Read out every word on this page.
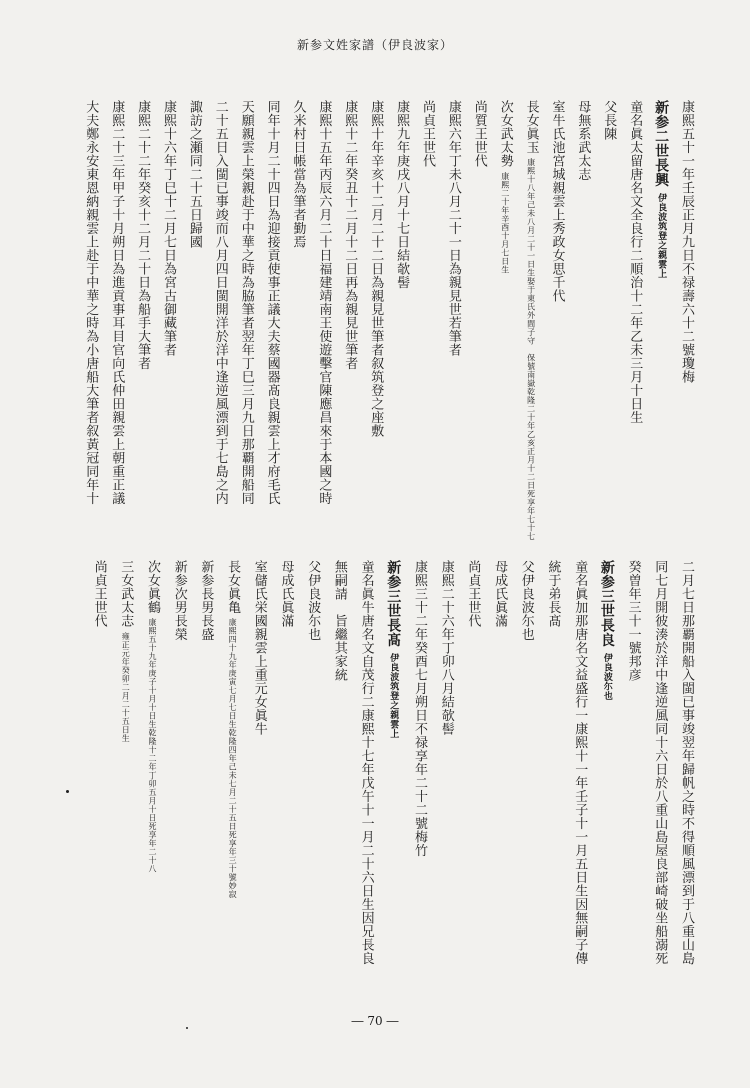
新参文姓家譜（伊良波家）
康熙五十一年壬辰正月九日不禄壽六十二號瓊梅
新参二世長興伊良波筑登之親雲上
童名眞太留唐名文全良行二順治十二年乙未三月十日生
父長陳
母無系武太志
室牛氏池宮城親雲上秀政女思千代
長女眞玉康熙十八年己未八月二十一日生娶于東氏外間子守　保號南嶽乾隆二十年乙亥正月十二日死享年七十七
次女武太勢康熙二十年辛酉十月七日生
尚質王世代
康熙六年丁未八月二十一日為親見世若筆者
尚貞王世代
康熙九年庚戌八月十七日結欹髻
康熙十年辛亥十二月二十二日為親見世筆者叙筑登之座敷
康熙十二年癸丑十二月十二日再為親見世筆者
康熙十五年丙辰六月二十日福建靖南王使遊擊官陳應昌來于本國之時
久米村日帳當為筆者勤焉
同年十月二十四日為迎接貢使事正議大夫蔡國器髙良親雲上才府毛氏
天願親雲上榮親赴于中華之時為脇筆者翌年丁巳三月九日那覇開船同
二十五日入閩已事竣而八月四日閩開洋於洋中逢逆風漂到于七島之内
諏訪之瀬同二十五日歸國
康熙十六年丁巳十二月七日為宮古御藏筆者
康熙二十二年癸亥十二月二十日為船手大筆者
康熙二十三年甲子十月朔日為進貢事耳目官向氏仲田親雲上朝重正議
大夫鄭永安東恩納親雲上赴于中華之時為小唐船大筆者叙黃冠同年十
二月七日那覇開船入閩已事竣翌年歸帆之時不得順風漂到于八重山島
同七月開彼湊於洋中逢逆風同十六日於八重山島屋良部崎破坐船溺死
癸曽年三十一號邦彦
新参三世長良伊良波尓也
童名眞加那唐名文益盛行一康熙十一年壬子十一月五日生因無嗣子傳
統于弟長髙
父伊良波尓也
母成氏眞滿
尚貞王世代
康熙二十六年丁卯八月結欹髻
康熙三十二年癸酉七月朔日不禄享年二十二號梅竹
新参三世長髙伊良波筑登之親雲上
童名眞牛唐名文自茂行二康熙十七年戊午十一月二十六日生因兄長良
無嗣請　旨繼其家統
父伊良波尓也
母成氏眞滿
室儲氏栄國親雲上重元女眞牛
長女眞亀康熙四十九年庚寅七月七日生乾隆四年己未七月二十五日死享年三十號妙寂
新参長男長盛
新参次男長榮
次女眞鶴康熙五十九年庚子十月十日生乾隆十二年丁卯五月十日死享年二十八
三女武太志雍正元年癸卯二月二十五日生
尚貞王世代
― 70 ―
